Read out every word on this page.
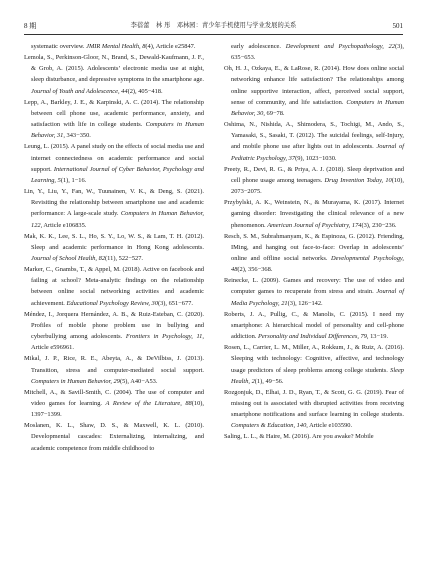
8 期	李蓓蕾　林 彤　邓林园：青少年手机使用与学业发展的关系	501

systematic overview. JMIR Mental Health, 8(4), Article e25847.

Lemola, S., Perkinson-Gloor, N., Brand, S., Dewald-Kaufmann, J. F., & Grob, A. (2015). Adolescents’ electronic media use at night, sleep disturbance, and depressive symptoms in the smartphone age. Journal of Youth and Adolescence, 44(2), 405−418.

Lepp, A., Barkley, J. E., & Karpinski, A. C. (2014). The relationship between cell phone use, academic performance, anxiety, and satisfaction with life in college students. Computers in Human Behavior, 31, 343−350.

Leung, L. (2015). A panel study on the effects of social media use and internet connectedness on academic performance and social support. International Journal of Cyber Behavior, Psychology and Learning, 5(1), 1−16.

Lin, Y., Liu, Y., Fan, W., Tuunainen, V. K., & Deng, S. (2021). Revisiting the relationship between smartphone use and academic performance: A large-scale study. Computers in Human Behavior, 122, Article e106835.

Mak, K. K., Lee, S. L., Ho, S. Y., Lo, W. S., & Lam, T. H. (2012). Sleep and academic performance in Hong Kong adolescents. Journal of School Health, 82(11), 522−527.

Marker, C., Gnambs, T., & Appel, M. (2018). Active on facebook and failing at school? Meta-analytic findings on the relationship between online social networking activities and academic achievement. Educational Psychology Review, 30(3), 651−677.

Méndez, I., Jorquera Hernández, A. B., & Ruiz-Esteban, C. (2020). Profiles of mobile phone problem use in bullying and cyberbullying among adolescents. Frontiers in Psychology, 11, Article e596961.

Mikal, J. P., Rice, R. E., Abeyta, A., & DeVilbiss, J. (2013). Transition, stress and computer-mediated social support. Computers in Human Behavior, 29(5), A40−A53.

Mitchell, A., & Savill-Smith, C. (2004). The use of computer and video games for learning. A Review of the Literature, 88(10), 1397−1399.

Moslanen, K. L., Shaw, D. S., & Maxwell, K. L. (2010). Developmental cascades: Externalizing, internalizing, and academic competence from middle childhood to

early adolescence. Development and Psychopathology, 22(3), 635−653.

Oh, H. J., Ozkaya, E., & LaRose, R. (2014). How does online social networking enhance life satisfaction? The relationships among online supportive interaction, affect, perceived social support, sense of community, and life satisfaction. Computers in Human Behavior, 30, 69−78.

Oshima, N., Nishida, A., Shimodera, S., Tochigi, M., Ando, S., Yamasaki, S., Sasaki, T. (2012). The suicidal feelings, self-Injury, and mobile phone use after lights out in adolescents. Journal of Pediatric Psychology, 37(9), 1023−1030.

Preety, R., Devi, R. G., & Priya, A. J. (2018). Sleep deprivation and cell phone usage among teenagers. Drug Invention Today, 10(10), 2073−2075.

Przybylski, A. K., Weinstein, N., & Murayama, K. (2017). Internet gaming disorder: Investigating the clinical relevance of a new phenomenon. American Journal of Psychiatry, 174(3), 230−236.

Resch, S. M., Subrahmanyam, K., & Espinoza, G. (2012). Friending, IMing, and hanging out face-to-face: Overlap in adolescents’ online and offline social networks. Developmental Psychology, 48(2), 356−368.

Reinecke, L. (2009). Games and recovery: The use of video and computer games to recuperate from stress and strain. Journal of Media Psychology, 21(3), 126−142.

Roberts, J. A., Pullig, C., & Manolis, C. (2015). I need my smartphone: A hierarchical model of personality and cell-phone addiction. Personality and Individual Differences, 79, 13−19.

Rosen, L., Carrier, L. M., Miller, A., Rokkum, J., & Ruiz, A. (2016). Sleeping with technology: Cognitive, affective, and technology usage predictors of sleep problems among college students. Sleep Health, 2(1), 49−56.

Rozgonjuk, D., Elhai, J. D., Ryan, T., & Scott, G. G. (2019). Fear of missing out is associated with disrupted activities from receiving smartphone notifications and surface learning in college students. Computers & Education, 140, Article e103590.

Saling, L. L., & Haire, M. (2016). Are you awake? Mobile
